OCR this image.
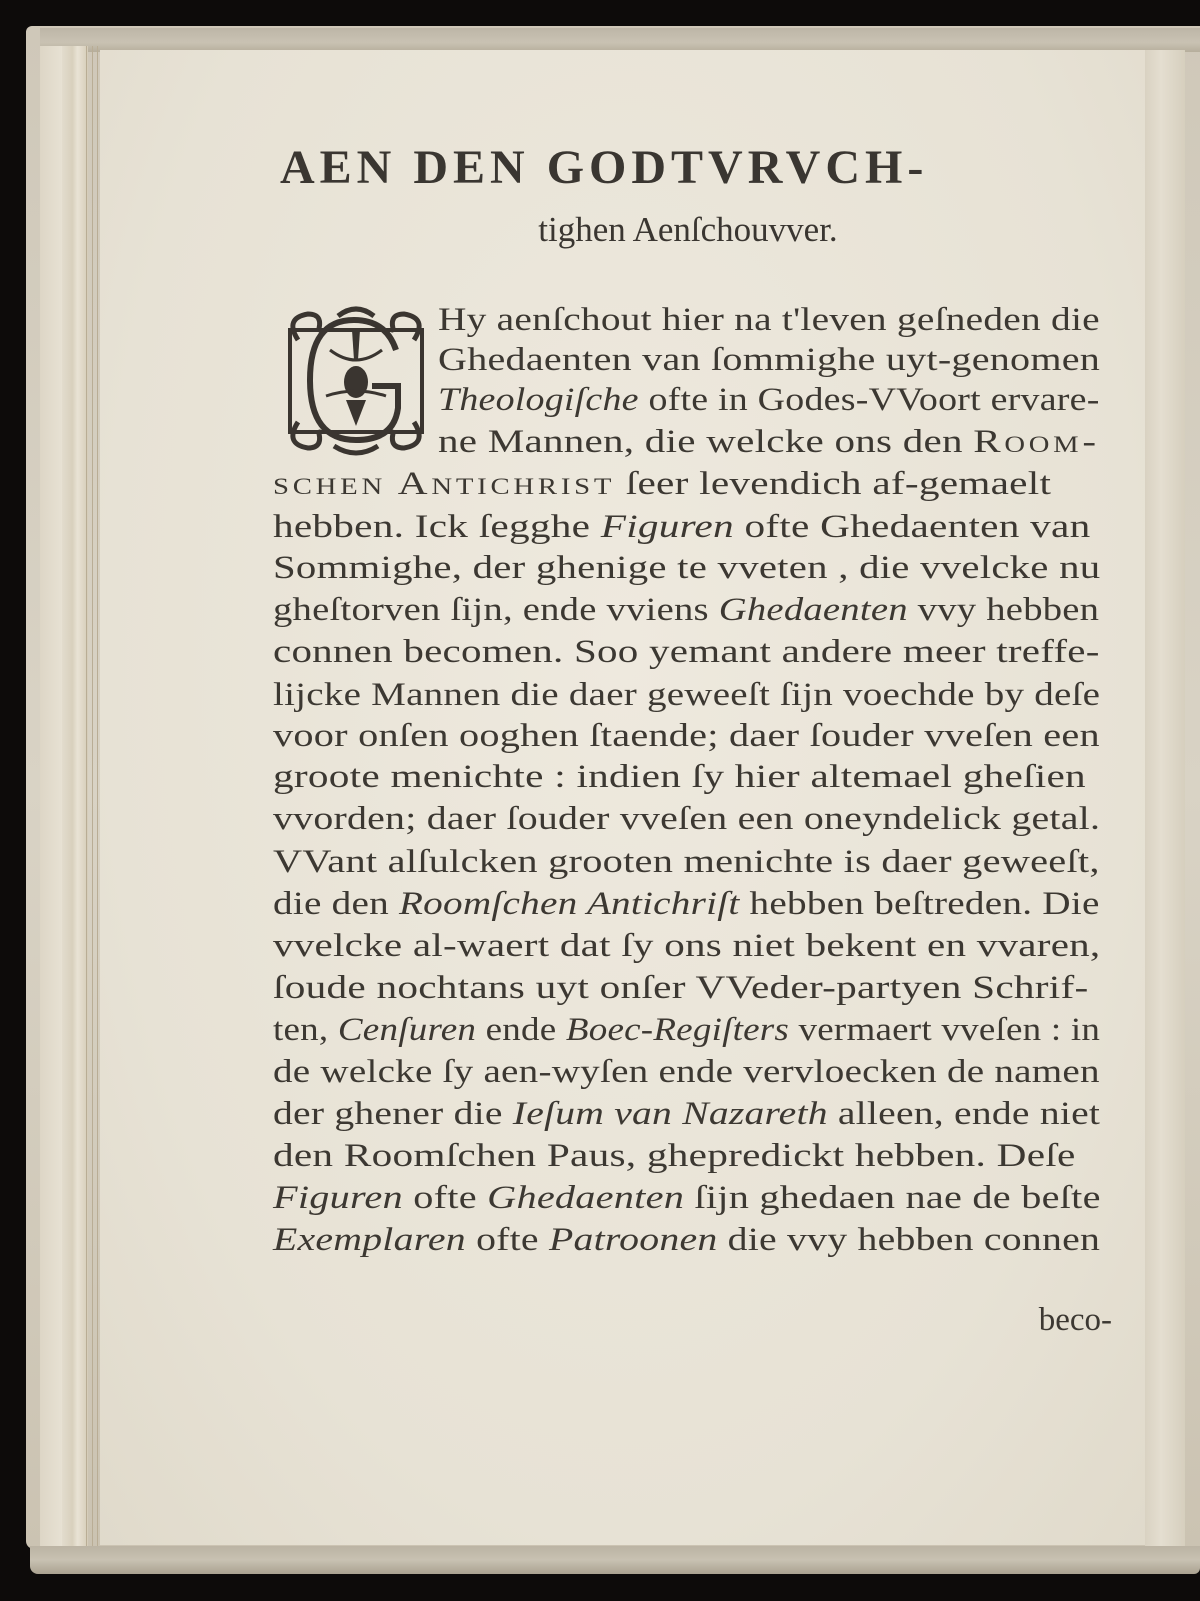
AEN DEN GODTVRVCH-
tighen Aenſchouvver.
Hy aenſchout hier na t'leven geſneden die
Ghedaenten van ſommighe uyt-genomen
Theologiſche ofte in Godes-VVoort ervare-
ne Mannen, die welcke ons den Room-
schen Antichrist ſeer levendich af-gemaelt
hebben. Ick ſegghe Figuren ofte Ghedaenten van
Sommighe, der ghenige te vveten , die vvelcke nu
gheſtorven ſijn, ende vviens Ghedaenten vvy hebben
connen becomen. Soo yemant andere meer treffe-
lijcke Mannen die daer geweeſt ſijn voechde by deſe
voor onſen ooghen ſtaende; daer ſouder vveſen een
groote menichte : indien ſy hier altemael gheſien
vvorden; daer ſouder vveſen een oneyndelick getal.
VVant alſulcken grooten menichte is daer geweeſt,
die den Roomſchen Antichriſt hebben beſtreden. Die
vvelcke al-waert dat ſy ons niet bekent en vvaren,
ſoude nochtans uyt onſer VVeder-partyen Schrif-
ten, Cenſuren ende Boec-Regiſters vermaert vveſen : in
de welcke ſy aen-wyſen ende vervloecken de namen
der ghener die Ieſum van Nazareth alleen, ende niet
den Roomſchen Paus, ghepredickt hebben. Deſe
Figuren ofte Ghedaenten ſijn ghedaen nae de beſte
Exemplaren ofte Patroonen die vvy hebben connen
beco-
